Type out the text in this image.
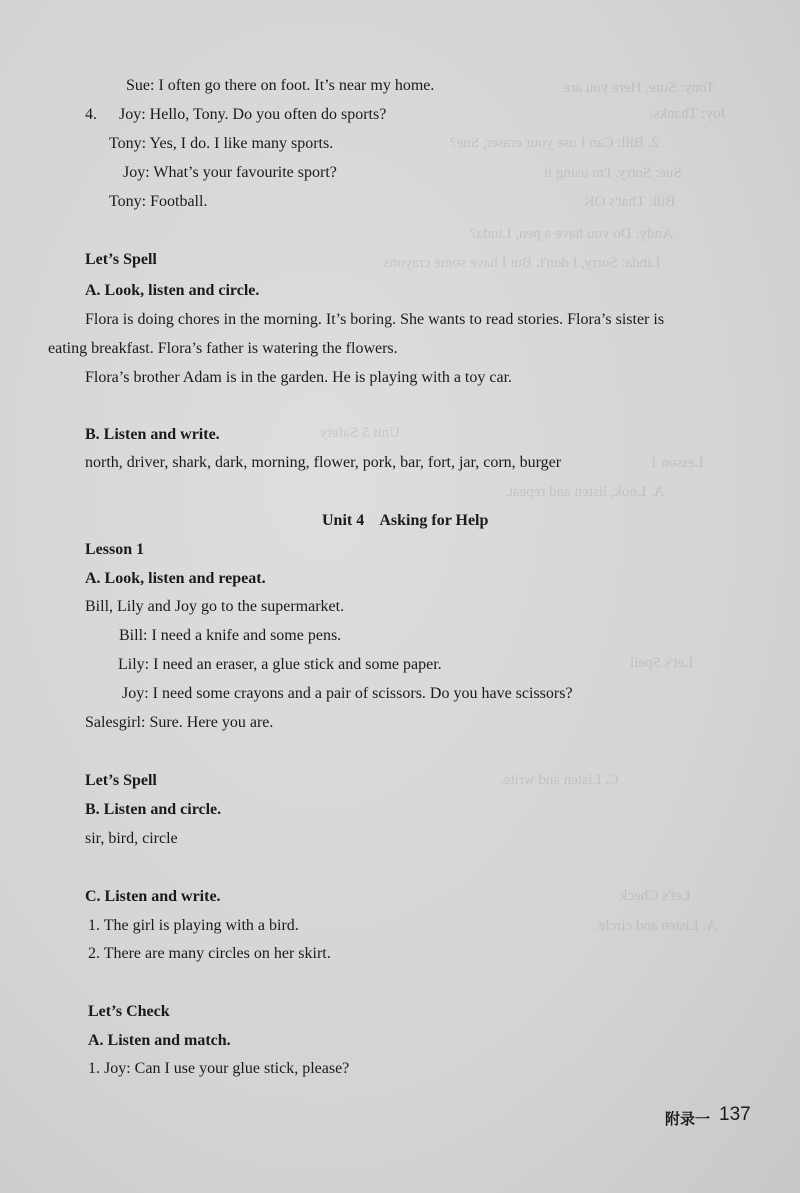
Tony: Sure. Here you are.
Joy: Thanks.
2. Bill: Can I use your eraser, Sue?
Sue: Sorry. I'm using it.
Bill: That's OK.
Andy: Do you have a pen, Linda?
Linda: Sorry, I don't. But I have some crayons.
Unit 5 Safety
Lesson 1
A. Look, listen and repeat.
Let's Spell
C. Listen and write.
Let's Check
A. Listen and circle.
Sue: I often go there on foot. It’s near my home.
4. Joy: Hello, Tony. Do you often do sports?
Tony: Yes, I do. I like many sports.
Joy: What’s your favourite sport?
Tony: Football.
Let’s Spell
A. Look, listen and circle.
Flora is doing chores in the morning. It’s boring. She wants to read stories. Flora’s sister is
eating breakfast. Flora’s father is watering the flowers.
Flora’s brother Adam is in the garden. He is playing with a toy car.
B. Listen and write.
north, driver, shark, dark, morning, flower, pork, bar, fort, jar, corn, burger
Unit 4    Asking for Help
Lesson 1
A. Look, listen and repeat.
Bill, Lily and Joy go to the supermarket.
Bill: I need a knife and some pens.
Lily: I need an eraser, a glue stick and some paper.
Joy: I need some crayons and a pair of scissors. Do you have scissors?
Salesgirl: Sure. Here you are.
Let’s Spell
B. Listen and circle.
sir, bird, circle
C. Listen and write.
1. The girl is playing with a bird.
2. There are many circles on her skirt.
Let’s Check
A. Listen and match.
1. Joy: Can I use your glue stick, please?
附录一 137
